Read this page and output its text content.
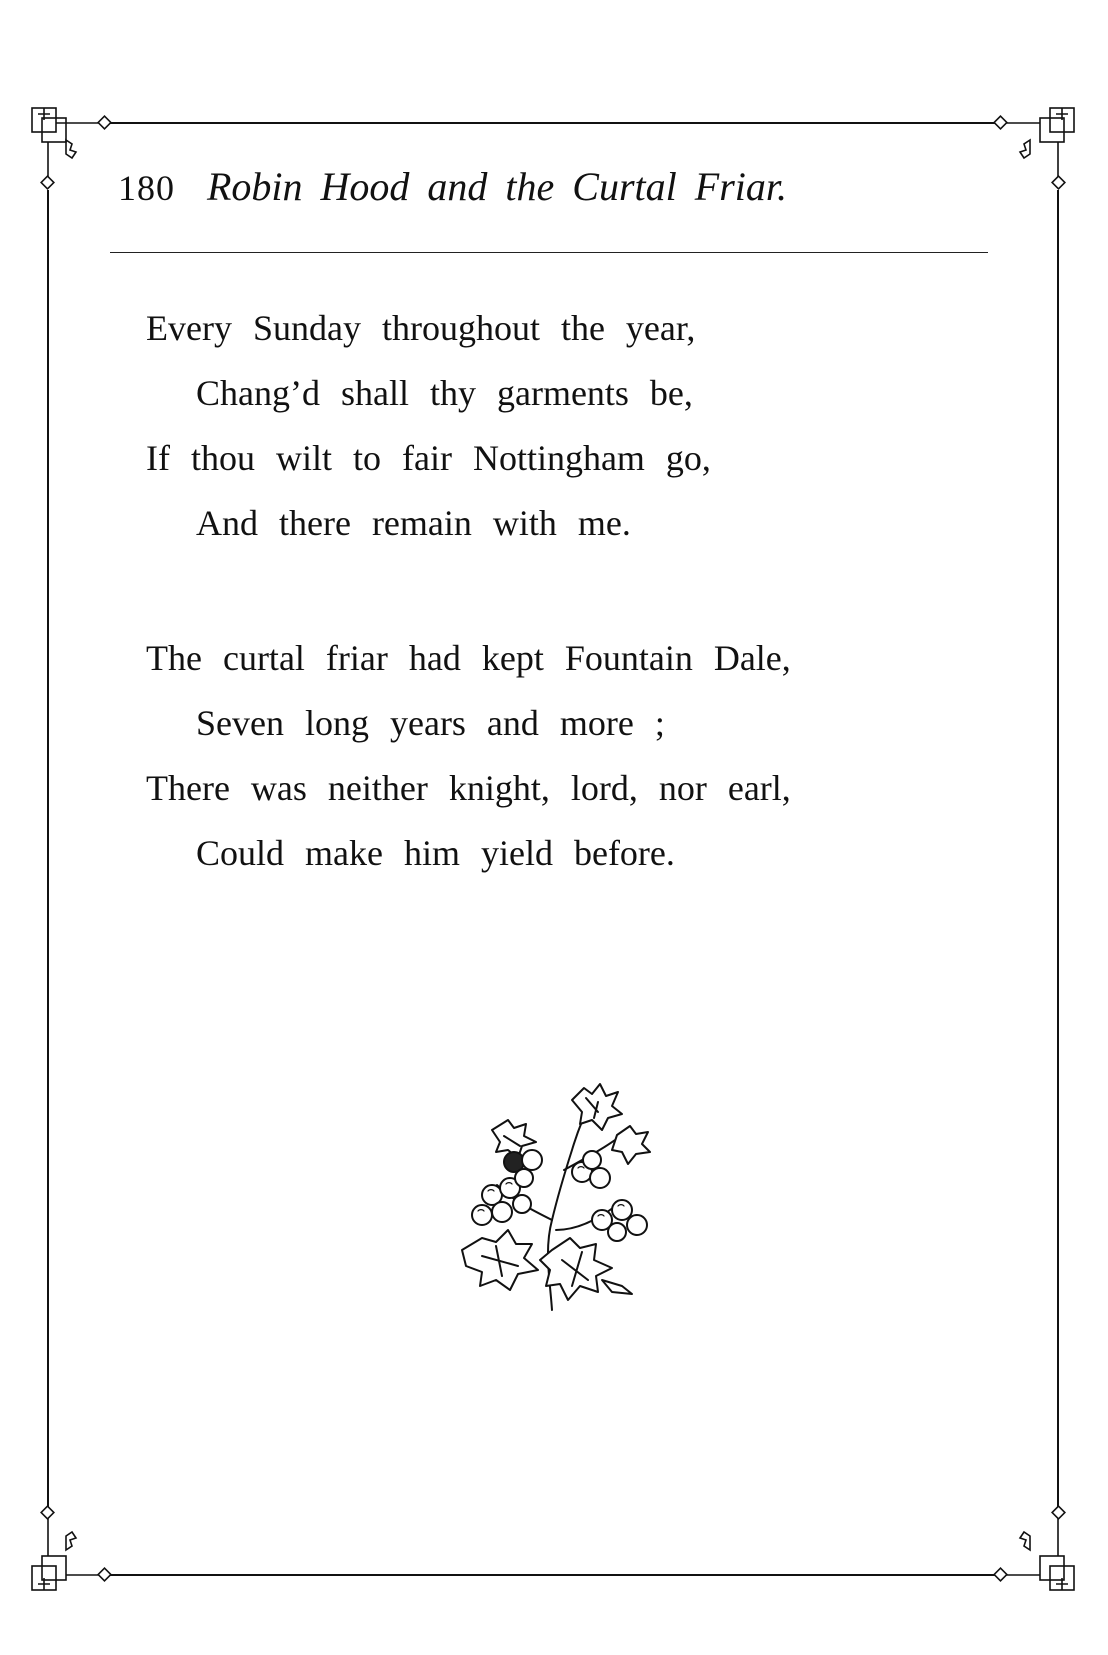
180 Robin Hood and the Curtal Friar.
Every Sunday throughout the year,
Chang’d shall thy garments be,
If thou wilt to fair Nottingham go,
And there remain with me.
The curtal friar had kept Fountain Dale,
Seven long years and more ;
There was neither knight, lord, nor earl,
Could make him yield before.
